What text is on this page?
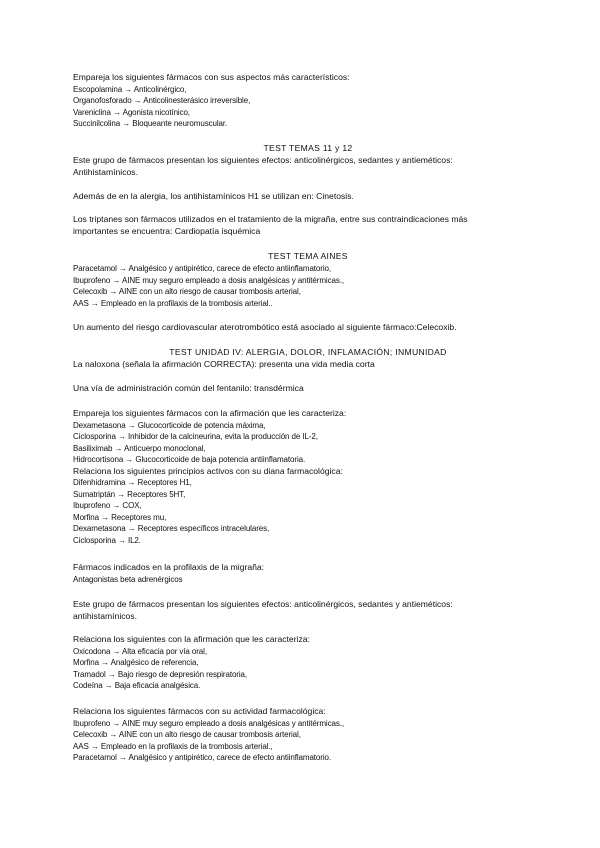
Empareja los siguientes fármacos con sus aspectos más característicos:
Escopolamina → Anticolinérgico,
Organofosforado → Anticolinesterásico irreversible,
Vareniclina → Agonista nicotínico,
Succinilcolina → Bloqueante neuromuscular.
TEST TEMAS 11 y 12
Este grupo de fármacos presentan los siguientes efectos: anticolinérgicos, sedantes y antieméticos:
Antihistamínicos.
Además de en la alergia, los antihistamínicos H1 se utilizan en: Cinetosis.
Los triptanes son fármacos utilizados en el tratamiento de la migraña, entre sus contraindicaciones más
importantes se encuentra: Cardiopatía isquémica
TEST TEMA AINES
Paracetamol → Analgésico y antipirético, carece de efecto antiinflamatorio,
Ibuprofeno → AINE muy seguro empleado a dosis analgésicas y antitérmicas.,
Celecoxib → AINE con un alto riesgo de causar trombosis arterial,
AAS → Empleado en la profilaxis de la trombosis arterial..
Un aumento del riesgo cardiovascular aterotrombótico está asociado al siguiente fármaco:Celecoxib.
TEST UNIDAD IV: ALERGIA, DOLOR, INFLAMACIÓN; INMUNIDAD
La naloxona (señala la afirmación CORRECTA): presenta una vida media corta
Una vía de administración común del fentanilo: transdérmica
Empareja los siguientes fármacos con la afirmación que les caracteriza:
Dexametasona → Glucocorticoide de potencia máxima,
Ciclosporina → Inhibidor de la calcineurina, evita la producción de IL-2,
Basiliximab → Anticuerpo monoclonal,
Hidrocortisona → Glucocorticoide de baja potencia antiinflamatoria.
Relaciona los siguientes principios activos con su diana farmacológica:
Difenhidramina → Receptores H1,
Sumatriptán → Receptores 5HT,
Ibuprofeno → COX,
Morfina → Receptores mu,
Dexametasona → Receptores específicos intracelulares,
Ciclosporina → IL2.
Fármacos indicados en la profilaxis de la migraña:
Antagonistas beta adrenérgicos
Este grupo de fármacos presentan los siguientes efectos: anticolinérgicos, sedantes y antieméticos:
antihistamínicos.
Relaciona los siguientes con la afirmación que les caracteriza:
Oxicodona → Alta eficacia por vía oral,
Morfina → Analgésico de referencia,
Tramadol → Bajo riesgo de depresión respiratoria,
Codeína → Baja eficacia analgésica.
Relaciona los siguientes fármacos con su actividad farmacológica:
Ibuprofeno → AINE muy seguro empleado a dosis analgésicas y antitérmicas.,
Celecoxib → AINE con un alto riesgo de causar trombosis arterial,
AAS → Empleado en la profilaxis de la trombosis arterial.,
Paracetamol → Analgésico y antipirético, carece de efecto antiinflamatorio.
